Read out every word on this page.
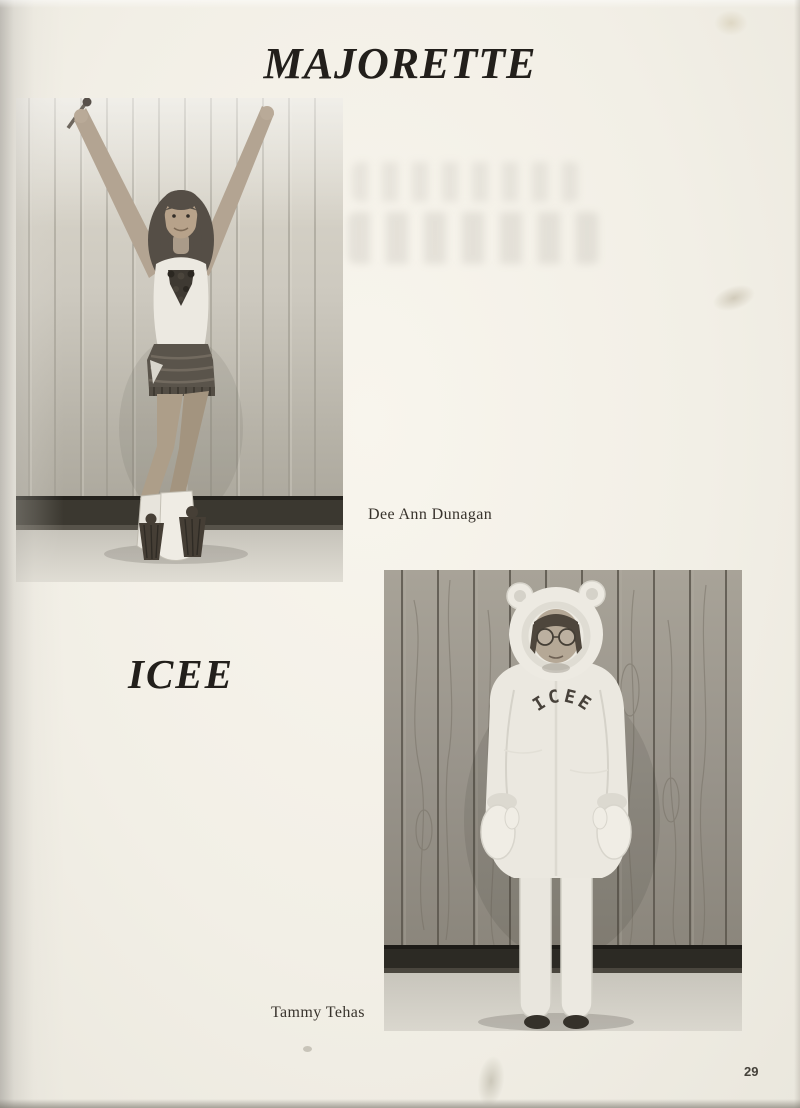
MAJORETTE
Dee Ann Dunagan
ICEE
ICEE
Tammy Tehas
29
